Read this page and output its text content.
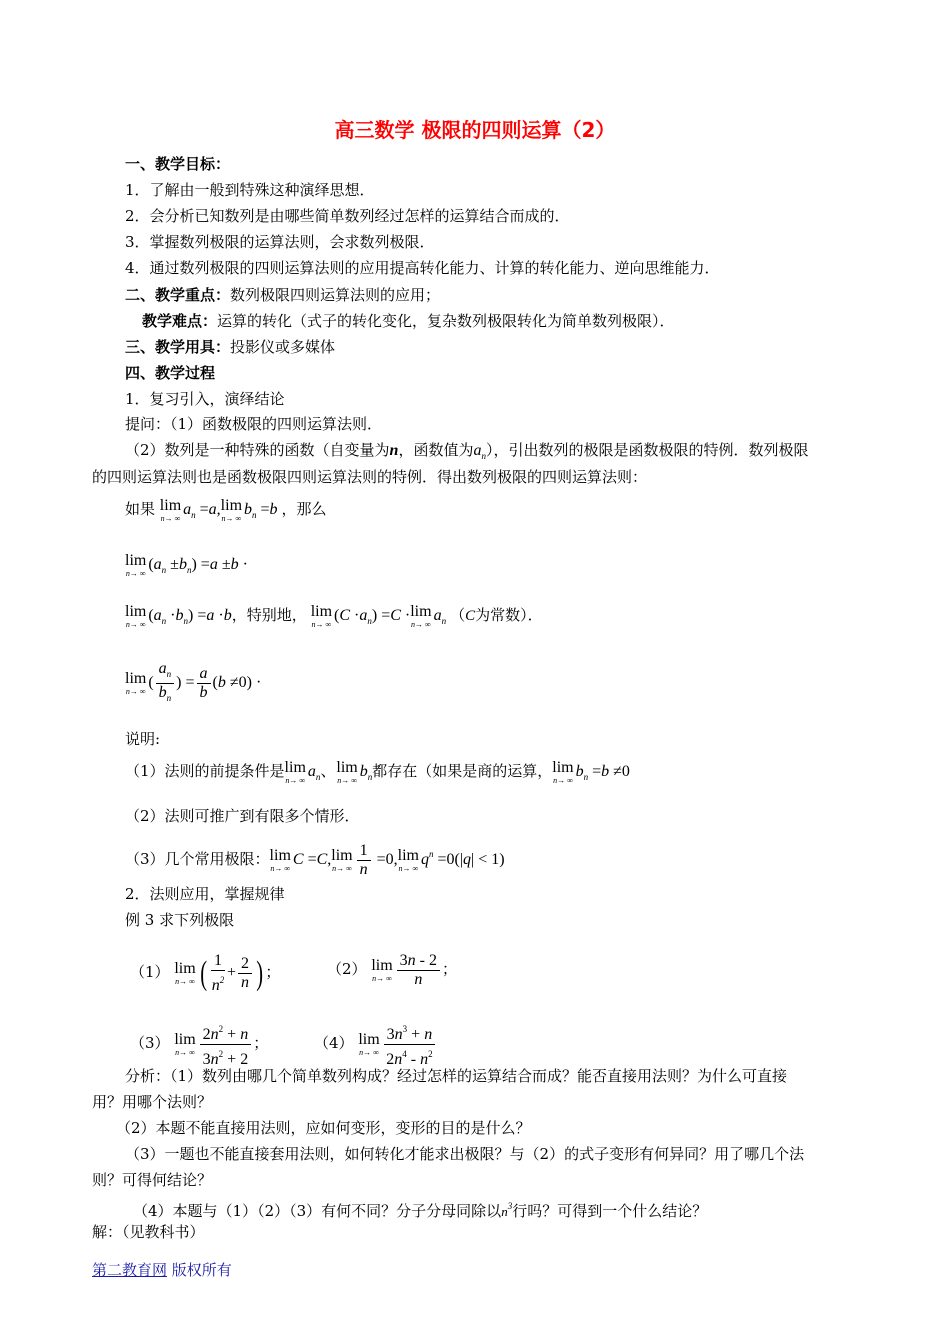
高三数学 极限的四则运算（2）
一、教学目标：
1．了解由一般到特殊这种演绎思想．
2．会分析已知数列是由哪些简单数列经过怎样的运算结合而成的．
3．掌握数列极限的运算法则，会求数列极限．
4．通过数列极限的四则运算法则的应用提高转化能力、计算的转化能力、逆向思维能力．
二、教学重点：数列极限四则运算法则的应用；
教学难点：运算的转化（式子的转化变化，复杂数列极限转化为简单数列极限）．
三、教学用具：投影仪或多媒体
四、教学过程
1．复习引入，演绎结论
提问：（1）函数极限的四则运算法则．
（2）数列是一种特殊的函数（自变量为n，函数值为$a_n$），引出数列的极限是函数极限的特例．数列极限
的四则运算法则也是函数极限四则运算法则的特例．得出数列极限的四则运算法则：
如果 lim
n→ ∞
$a_n =a$, lim
n→ ∞
$b_n =b$ ，那么
lim
n→ ∞
$(a_n \pm b_n) =a \pm b$ ·
lim
n→ ∞
$(a_n \cdot b_n) =a \cdot b$，特别地， lim
n→ ∞
$(C \cdot a_n) =C \cdot \lim$
n→ ∞
$a_n$ （C为常数）．
lim
n→ ∞
( $\frac{a_n}{b_n}$ ) = $\frac{a}{b} (b \ne 0)$ ·
说明:
（1）法则的前提条件是 lim
n→ ∞
$a_n$、 lim
n→ ∞
$b_n$都存在（如果是商的运算， lim
n→ ∞
$b_n =b \ne 0$
（2）法则可推广到有限多个情形．
（3）几个常用极限： lim
n→ ∞
C =C, lim
n→ ∞ $\frac{1}{n} =0$, lim
n→ ∞
$q^n =0(|q| < 1)$
2．法则应用，掌握规律
例 3 求下列极限
（1） lim
n→ ∞ ( $\frac{1}{n^2} + \frac{2}{n}$ ) ；	（2） lim
n→ ∞ $\frac{3n - 2}{n}$ ；
（3） lim
n→ ∞ $\frac{2n^2 + n}{3n^2 + 2}$ ；	（4） lim
n→ ∞ $\frac{3n^3 + n}{2n^4 - n^2}$
分析：（1）数列由哪几个简单数列构成？经过怎样的运算结合而成？能否直接用法则？为什么可直接
用？用哪个法则？
（2）本题不能直接用法则，应如何变形，变形的目的是什么？
（3）一题也不能直接套用法则，如何转化才能求出极限？与（2）的式子变形有何异同？用了哪几个法
则？可得何结论？
（4）本题与（1）（2）（3）有何不同？分子分母同除以$n^3$行吗？可得到一个什么结论？
解：（见教科书）
第二教育网 版权所有
